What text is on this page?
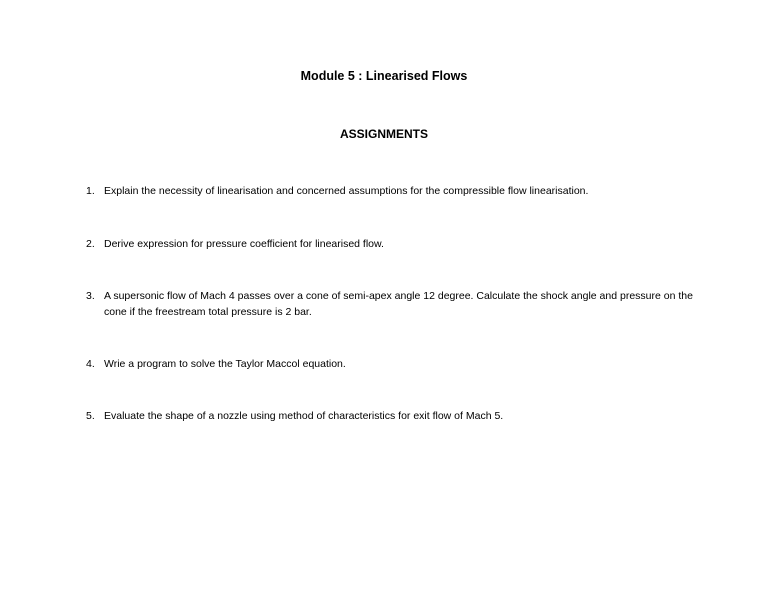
Module 5 : Linearised Flows
ASSIGNMENTS
1. Explain the necessity of linearisation and concerned assumptions for the compressible flow linearisation.
2. Derive expression for pressure coefficient for linearised flow.
3. A supersonic flow of Mach 4 passes over a cone of semi-apex angle 12 degree. Calculate the shock angle and pressure on the cone if the freestream total pressure is 2 bar.
4. Wrie a program to solve the Taylor Maccol equation.
5. Evaluate the shape of a nozzle using method of characteristics for exit flow of Mach 5.
